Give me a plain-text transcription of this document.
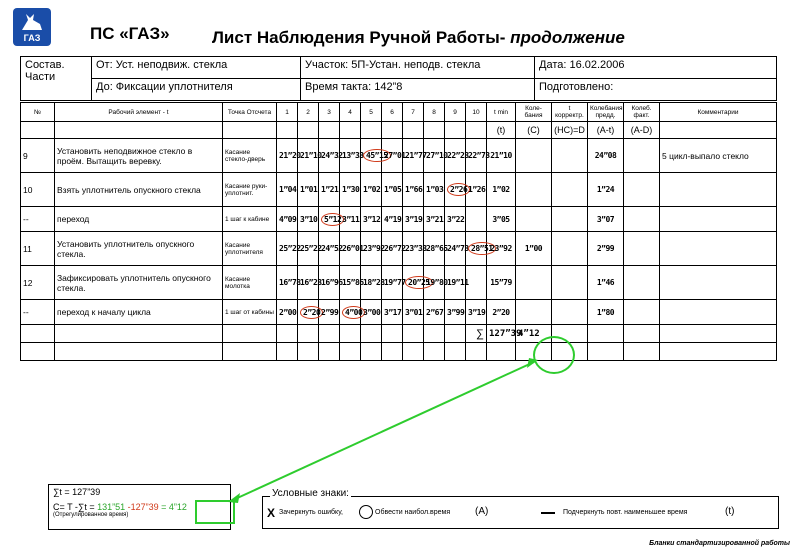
ГАЗ	ПС «ГАЗ» Лист Наблюдения Ручной Работы- продолжение
Состав. Части	От: Уст. неподвиж. стекла	Участок: 5П-Устан. неподв. стекла	Дата: 16.02.2006
	До: Фиксации уплотнителя	Время такта: 142”8	Подготовлено:
№	Рабочий элемент - t	Точка Отсчета	1	2	3	4	5	6	7	8	9	10	t min	Коле-бания	t корректр.	Колебания предд.	Колеб. факт.	Комментарии
													(t)	(C)	(HC)=D	(A-t)	(A-D)	
9	Установить неподвижное стекло в проём. Вытащить веревку.	Касание стекло-дверь	21”20	21”10	24”32	13”33	45”15	27”01	21”77	27”10	22”23	22”73	21”10			24”08		5 цикл-выпало стекло
10	Взять уплотнитель опускного стекла	Касание руки-уплотнит.	1”04	1”01	1”21	1”30	1”02	1”05	1”66	1”03	2”26	1”26	1”02			1”24		
--	переход	1 шаг к кабине	4”09	3”10	5”12	3”11	3”12	4”19	3”19	3”21	3”22		3”05			3”07		
11	Установить уплотнитель опускного стекла.	Касание уплотнителя	25”22	25”22	24”52	26”01	23”92	26”72	23”33	28”65	24”73	28”51	23”92	1”00		2”99		
12	Зафиксировать уплотнитель опускного стекла.	Касание молотка	16”78	16”23	16”96	15”86	18”28	19”77	20”25	19”80	19”11		15”79			1”46		
--	переход к началу цикла	1 шаг от кабины	2”00	2”20	2”99	4”00	3”00	3”17	3”01	2”67	3”99	3”19	2”20			1”80		
												∑	127”39	4”12				

∑t = 127”39
C= T -∑t = 131”51 -127”39 = 4”12
(Отрегулированное время)	X Зачеркнуть ошибку,	Обвести наибол.время (A)	Подчеркнуть повт. наименьшее время	(t)
Условные знаки:
Бланки стандартизированной работы
